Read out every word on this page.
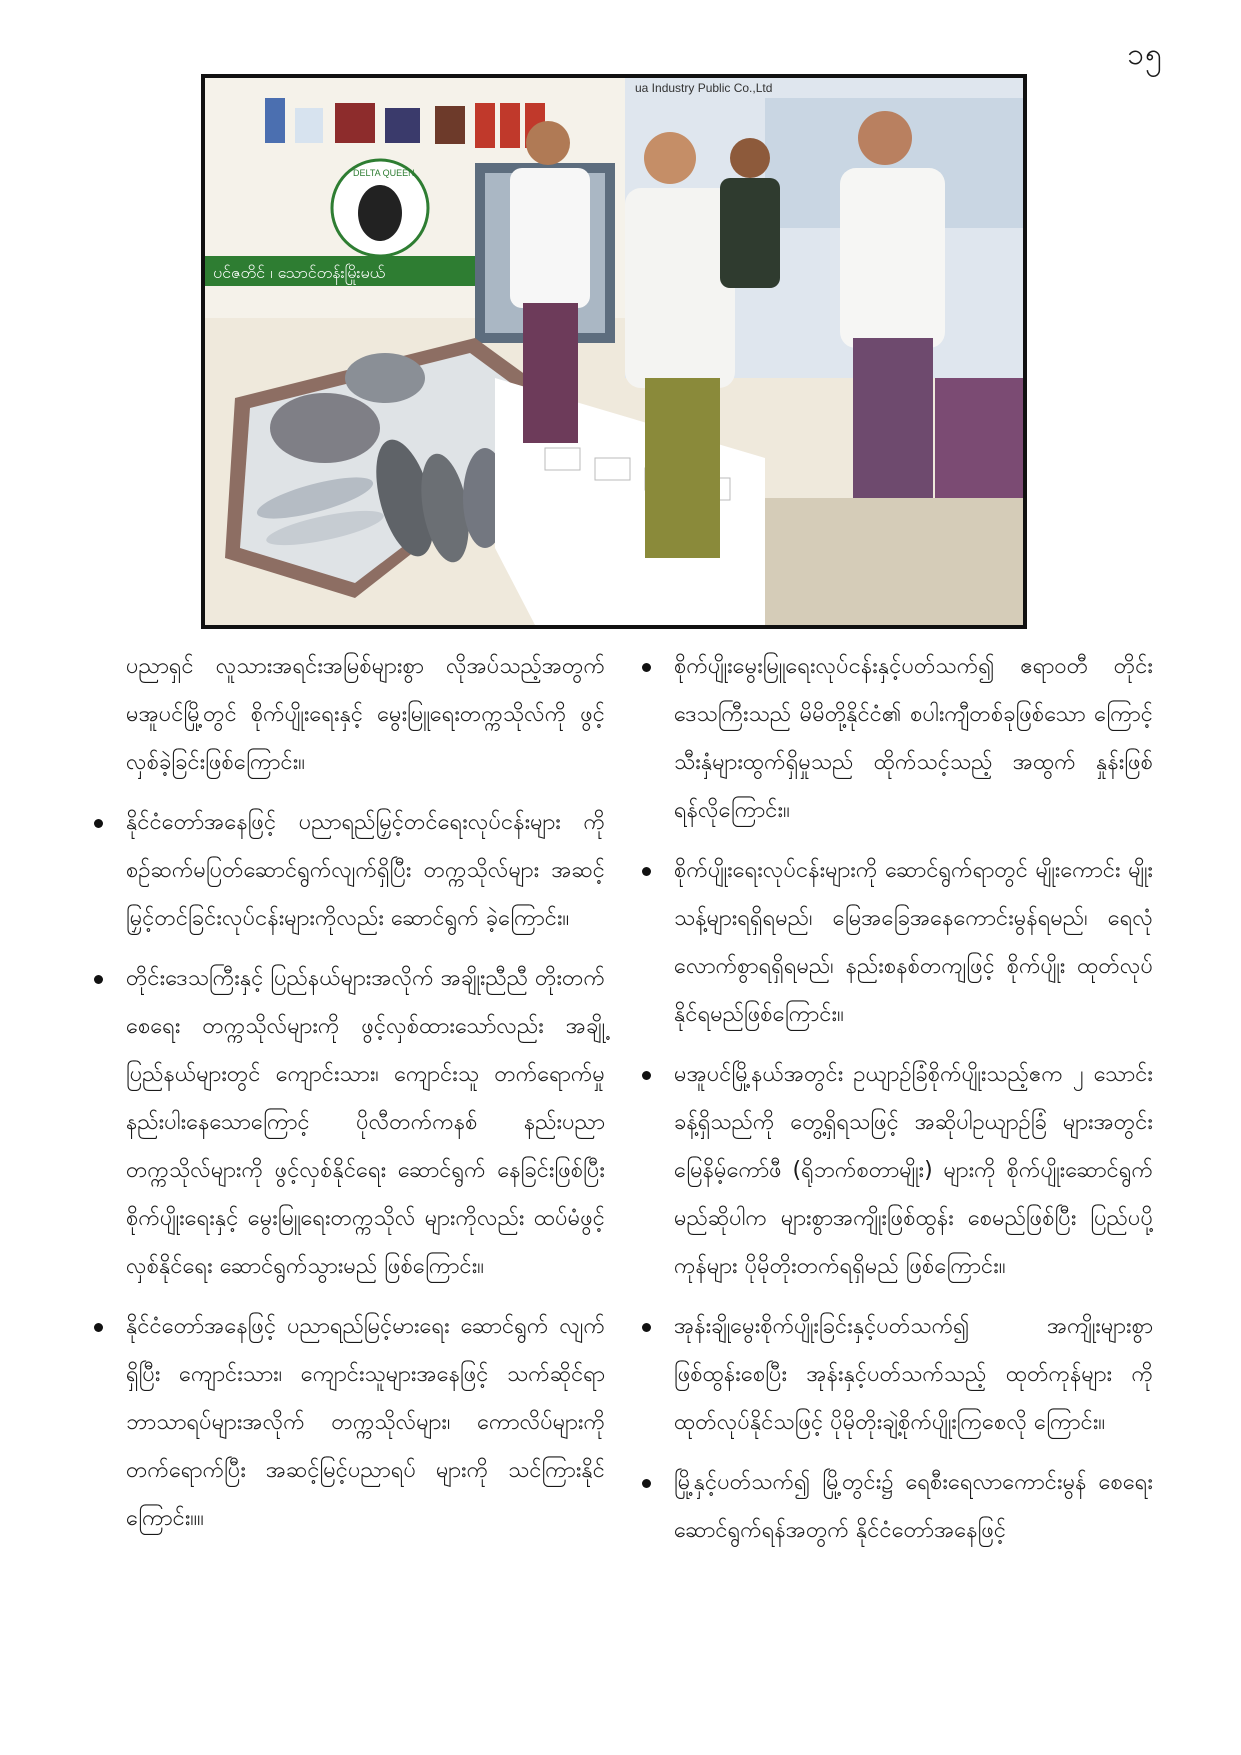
၁၅
ua Industry Public Co.,Ltd
ပင်ဇတိင် ၊ သောင်တန်းမြိုးမယ်
DELTA QUEEN

ပညာရှင် လူသားအရင်းအမြစ်များစွာ လိုအပ်သည့်အတွက် မအူပင်မြို့တွင် စိုက်ပျိုးရေးနှင့် မွေးမြူရေးတက္ကသိုလ်ကို ဖွင့်လှစ်ခဲ့ခြင်းဖြစ်ကြောင်း။

နိုင်ငံတော်အနေဖြင့် ပညာရည်မြှင့်တင်ရေးလုပ်ငန်းများ ကို စဉ်ဆက်မပြတ်ဆောင်ရွက်လျက်ရှိပြီး တက္ကသိုလ်များ အဆင့်မြှင့်တင်ခြင်းလုပ်ငန်းများကိုလည်း ဆောင်ရွက် ခဲ့ကြောင်း။

တိုင်းဒေသကြီးနှင့် ပြည်နယ်များအလိုက် အချိုးညီညီ တိုးတက်စေရေး တက္ကသိုလ်များကို ဖွင့်လှစ်ထားသော်လည်း အချို့ပြည်နယ်များတွင် ကျောင်းသား၊ ကျောင်းသူ တက်ရောက်မှုနည်းပါးနေသောကြောင့် ပိုလီတက်ကနစ် နည်းပညာတက္ကသိုလ်များကို ဖွင့်လှစ်နိုင်ရေး ဆောင်ရွက် နေခြင်းဖြစ်ပြီး စိုက်ပျိုးရေးနှင့် မွေးမြူရေးတက္ကသိုလ် များကိုလည်း ထပ်မံဖွင့်လှစ်နိုင်ရေး ဆောင်ရွက်သွားမည် ဖြစ်ကြောင်း။

နိုင်ငံတော်အနေဖြင့် ပညာရည်မြင့်မားရေး ဆောင်ရွက် လျက်ရှိပြီး ကျောင်းသား၊ ကျောင်းသူများအနေဖြင့် သက်ဆိုင်ရာဘာသာရပ်များအလိုက် တက္ကသိုလ်များ၊ ကောလိပ်များကို တက်ရောက်ပြီး အဆင့်မြင့်ပညာရပ် များကို သင်ကြားနိုင်ကြောင်း။။

စိုက်ပျိုးမွေးမြူရေးလုပ်ငန်းနှင့်ပတ်သက်၍ ဧရာဝတီ တိုင်းဒေသကြီးသည် မိမိတို့နိုင်ငံ၏ စပါးကျီတစ်ခုဖြစ်သော ကြောင့် သီးနှံများထွက်ရှိမှုသည် ထိုက်သင့်သည့် အထွက် နှုန်းဖြစ်ရန်လိုကြောင်း။

စိုက်ပျိုးရေးလုပ်ငန်းများကို ဆောင်ရွက်ရာတွင် မျိုးကောင်း မျိုးသန့်များရရှိရမည်၊ မြေအခြေအနေကောင်းမွန်ရမည်၊ ရေလုံလောက်စွာရရှိရမည်၊ နည်းစနစ်တကျဖြင့် စိုက်ပျိုး ထုတ်လုပ်နိုင်ရမည်ဖြစ်ကြောင်း။

မအူပင်မြို့နယ်အတွင်း ဥယျာဉ်ခြံစိုက်ပျိုးသည့်ဧက ၂ သောင်းခန့်ရှိသည်ကို တွေ့ရှိရသဖြင့် အဆိုပါဥယျာဉ်ခြံ များအတွင်း မြေနိမ့်ကော်ဖီ (ရိုဘက်စတာမျိုး) များကို စိုက်ပျိုးဆောင်ရွက်မည်ဆိုပါက များစွာအကျိုးဖြစ်ထွန်း စေမည်ဖြစ်ပြီး ပြည်ပပို့ကုန်များ ပိုမိုတိုးတက်ရရှိမည် ဖြစ်ကြောင်း။

အုန်းချိုမွေးစိုက်ပျိုးခြင်းနှင့်ပတ်သက်၍ အကျိုးများစွာ ဖြစ်ထွန်းစေပြီး အုန်းနှင့်ပတ်သက်သည့် ထုတ်ကုန်များ ကို ထုတ်လုပ်နိုင်သဖြင့် ပိုမိုတိုးချဲ့စိုက်ပျိုးကြစေလို ကြောင်း။

မြို့နှင့်ပတ်သက်၍ မြို့တွင်း၌ ရေစီးရေလာကောင်းမွန် စေရေး ဆောင်ရွက်ရန်အတွက် နိုင်ငံတော်အနေဖြင့်
